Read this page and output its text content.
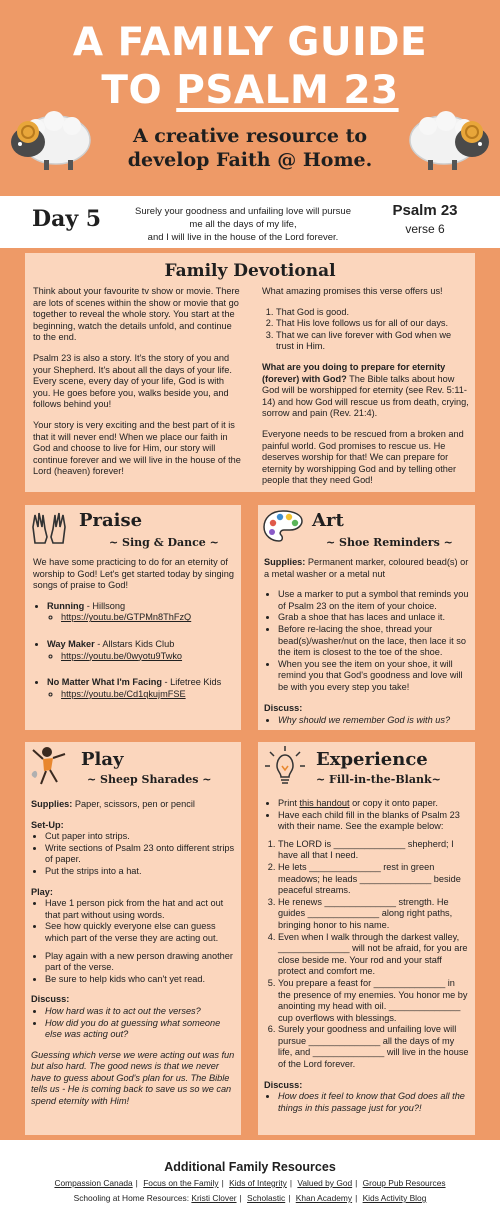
A FAMILY GUIDE
TO PSALM 23
A creative resource to
develop Faith @ Home.
Day 5	Surely your goodness and unfailing love will pursue
me all the days of my life,
and I will live in the house of the Lord forever.
Psalm 23
verse 6
Family Devotional

Think about your favourite tv show or movie. There are lots of scenes within the show or movie that go together to reveal the whole story. You start at the beginning, watch the details unfold, and continue to the end.

Psalm 23 is also a story. It's the story of you and your Shepherd. It's about all the days of your life. Every scene, every day of your life, God is with you. He goes before you, walks beside you, and follows behind you!

Your story is very exciting and the best part of it is that it will never end! When we place our faith in God and choose to live for Him, our story will continue forever and we will live in the house of the Lord (heaven) forever!

What amazing promises this verse offers us!

1. That God is good.
2. That His love follows us for all of our days.
3. That we can live forever with God when we trust in Him.

What are you doing to prepare for eternity (forever) with God? The Bible talks about how God will be worshipped for eternity (see Rev. 5:11-14) and how God will rescue us from death, crying, sorrow and pain (Rev. 21:4).

Everyone needs to be rescued from a broken and painful world. God promises to rescue us. He deserves worship for that! We can prepare for eternity by worshipping God and by telling other people that they need God!

Praise
~ Sing & Dance ~

We have some practicing to do for an eternity of worship to God! Let's get started today by singing songs of praise to God!

• Running - Hillsong
◦ https://youtu.be/GTPMn8ThFzQ
• Way Maker - Allstars Kids Club
◦ https://youtu.be/0wyotu9Twko
• No Matter What I'm Facing - Lifetree Kids
◦ https://youtu.be/Cd1qkujmFSE
Art
~ Shoe Reminders ~

Supplies: Permanent marker, coloured bead(s) or a metal washer or a metal nut

• Use a marker to put a symbol that reminds you of Psalm 23 on the item of your choice.
• Grab a shoe that has laces and unlace it.
• Before re-lacing the shoe, thread your bead(s)/washer/nut on the lace, then lace it so the item is closest to the toe of the shoe.
• When you see the item on your shoe, it will remind you that God's goodness and love will be with you every step you take!

Discuss:

• Why should we remember God is with us?
Play
~ Sheep Sharades ~

Supplies: Paper, scissors, pen or pencil

Set-Up:

• Cut paper into strips.
• Write sections of Psalm 23 onto different strips of paper.
• Put the strips into a hat.

Play:

• Have 1 person pick from the hat and act out that part without using words.
• See how quickly everyone else can guess which part of the verse they are acting out.
• Play again with a new person drawing another part of the verse.
• Be sure to help kids who can't yet read.

Discuss:

• How hard was it to act out the verses?
• How did you do at guessing what someone else was acting out?

Guessing which verse we were acting out was fun but also hard. The good news is that we never have to guess about God's plan for us. The Bible tells us - He is coming back to save us so we can spend eternity with Him!

Experience
~ Fill-in-the-Blank~
• Print this handout or copy it onto paper.
• Have each child fill in the blanks of Psalm 23 with their name. See the example below:
1. The LORD is ______________ shepherd; I have all that I need.
2. He lets ______________ rest in green meadows; he leads ______________ beside peaceful streams.
3. He renews ______________ strength. He guides ______________ along right paths, bringing honor to his name.
4. Even when I walk through the darkest valley, ______________ will not be afraid, for you are close beside me. Your rod and your staff protect and comfort me.
5. You prepare a feast for ______________ in the presence of my enemies. You honor me by anointing my head with oil. ______________ cup overflows with blessings.
6. Surely your goodness and unfailing love will pursue ______________ all the days of my life, and ______________ will live in the house of the Lord forever.

Discuss:

• How does it feel to know that God does all the things in this passage just for you?!
Additional Family Resources
Compassion Canada | Focus on the Family | Kids of Integrity | Valued by God | Group Pub Resources
Schooling at Home Resources: Kristi Clover | Scholastic | Khan Academy | Kids Activity Blog
